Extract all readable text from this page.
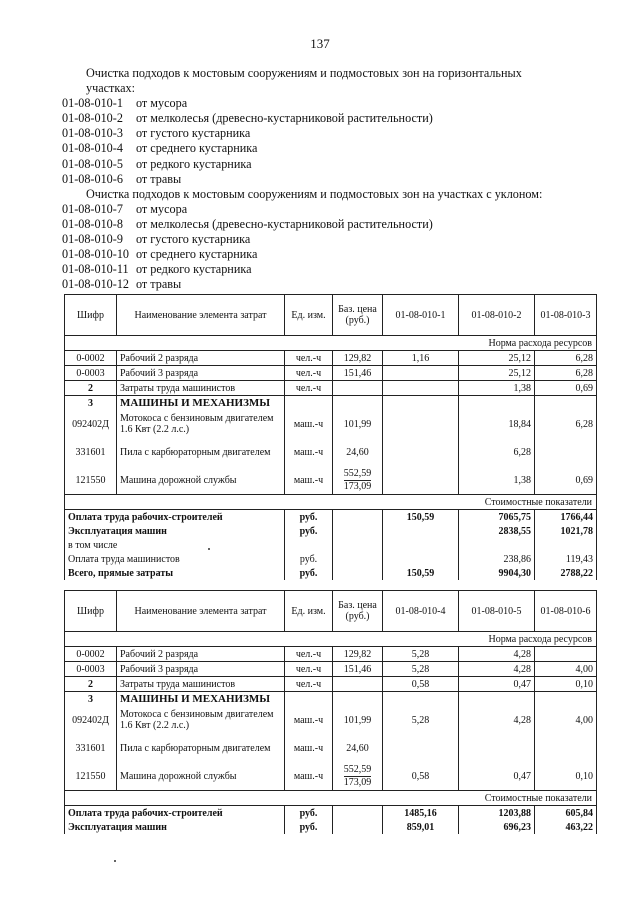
137
Очистка подходов к мостовым сооружениям и подмостовых зон на горизонтальных
участках:
01-08-010-1 от мусора
01-08-010-2 от мелколесья (древесно-кустарниковой растительности)
01-08-010-3 от густого кустарника
01-08-010-4 от среднего кустарника
01-08-010-5 от редкого кустарника
01-08-010-6 от травы
Очистка подходов к мостовым сооружениям и подмостовых зон на участках с уклоном:
01-08-010-7 от мусора
01-08-010-8 от мелколесья (древесно-кустарниковой растительности)
01-08-010-9 от густого кустарника
01-08-010-10 от среднего кустарника
01-08-010-11 от редкого кустарника
01-08-010-12 от травы
Шифр	Наименование элемента затрат	Ед. изм.	Баз. цена (руб.)	01-08-010-1	01-08-010-2	01-08-010-3
Норма расхода ресурсов						
0-0002	Рабочий 2 разряда	чел.-ч	129,82	1,16	25,12	6,28
0-0003	Рабочий 3 разряда	чел.-ч	151,46		25,12	6,28
2	Затраты труда машинистов	чел.-ч			1,38	0,69
3	МАШИНЫ И МЕХАНИЗМЫ					
092402Д	Мотокоса с бензиновым двигателем 1.6 Квт (2.2 л.с.)	маш.-ч	101,99		18,84	6,28
331601	Пила с карбюраторным двигателем	маш.-ч	24,60		6,28	
121550	Машина дорожной службы	маш.-ч	$\frac{552,59}{173,09}$		1,38	0,69
Стоимостные показатели						
Оплата труда рабочих-строителей		руб.		150,59	7065,75	1766,44
Эксплуатация машин		руб.			2838,55	1021,78
в том числе						
Оплата труда машинистов		руб.			238,86	119,43
Всего, прямые затраты		руб.		150,59	9904,30	2788,22
Шифр	Наименование элемента затрат	Ед. изм.	Баз. цена (руб.)	01-08-010-4	01-08-010-5	01-08-010-6
Норма расхода ресурсов						
0-0002	Рабочий 2 разряда	чел.-ч	129,82	5,28	4,28	
0-0003	Рабочий 3 разряда	чел.-ч	151,46	5,28	4,28	4,00
2	Затраты труда машинистов	чел.-ч		0,58	0,47	0,10
3	МАШИНЫ И МЕХАНИЗМЫ					
092402Д	Мотокоса с бензиновым двигателем 1.6 Квт (2.2 л.с.)	маш.-ч	101,99	5,28	4,28	4,00
331601	Пила с карбюраторным двигателем	маш.-ч	24,60			
121550	Машина дорожной службы	маш.-ч	$\frac{552,59}{173,09}$	0,58	0,47	0,10
Стоимостные показатели						
Оплата труда рабочих-строителей		руб.		1485,16	1203,88	605,84
Эксплуатация машин		руб.		859,01	696,23	463,22
